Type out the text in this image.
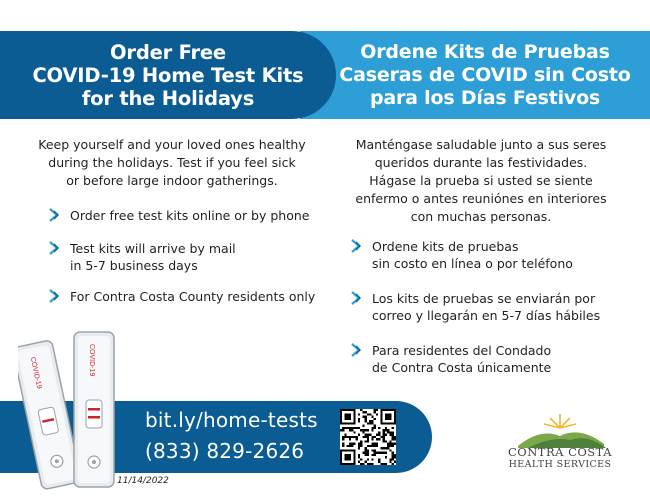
Ordene Kits de Pruebas
Caseras de COVID sin Costo
para los Días Festivos
Order Free
COVID-19 Home Test Kits
for the Holidays
Keep yourself and your loved ones healthy
during the holidays. Test if you feel sick
or before large indoor gatherings.
Order free test kits online or by phone
Test kits will arrive by mail
in 5-7 business days
For Contra Costa County residents only
Manténgase saludable junto a sus seres
queridos durante las festividades.
Hágase la prueba si usted se siente
enfermo o antes reuniónes en interiores
con muchas personas.
Ordene kits de pruebas
sin costo en línea o por teléfono
Los kits de pruebas se enviarán por
correo y llegarán en 5-7 días hábiles
Para residentes del Condado
de Contra Costa únicamente
bit.ly/home-tests
(833) 829-2626
COVID-19	COVID-19
11/14/2022
CONTRA COSTA
HEALTH SERVICES
